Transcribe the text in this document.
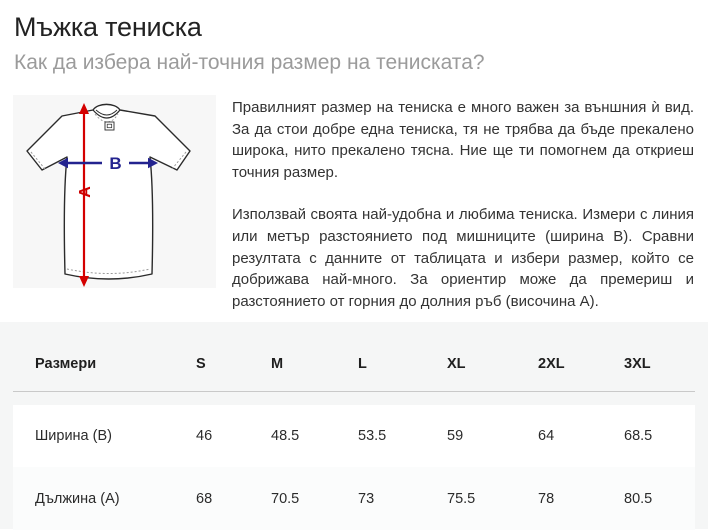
Мъжка тениска
Как да избера най-точния размер на тениската?
A
B

Правилният размер на тениска е много важен за външния ѝ вид. За да стои добре една тениска, тя не трябва да бъде прекалено широка, нито прекалено тясна. Ние ще ти помогнем да откриеш точния размер.

Използвай своята най-удобна и любима тениска. Измери с линия или метър разстоянието под мишниците (ширина B). Сравни резултата с данните от таблицата и избери размер, който се добрижава най-много. За ориентир може да премериш и разстоянието от горния до долния ръб (височина А).

Размери	S	M	L	XL	2XL	3XL

Ширина (B)	46	48.5	53.5	59	64	68.5
Дължина (A)	68	70.5	73	75.5	78	80.5
